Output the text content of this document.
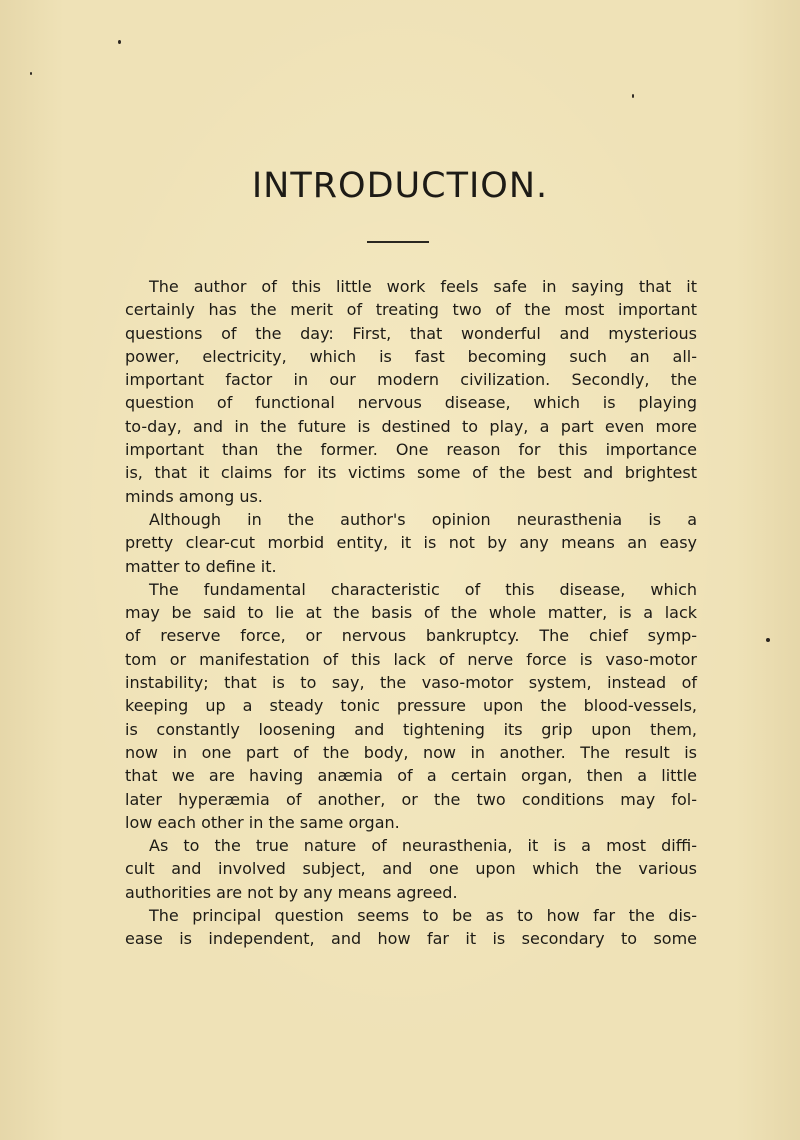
INTRODUCTION.

The author of this little work feels safe in saying that it
certainly has the merit of treating two of the most important
questions of the day: First, that wonderful and mysterious
power, electricity, which is fast becoming such an all-
important factor in our modern civilization. Secondly, the
question of functional nervous disease, which is playing
to-day, and in the future is destined to play, a part even more
important than the former. One reason for this importance
is, that it claims for its victims some of the best and brightest
minds among us.

Although in the author's opinion neurasthenia is a
pretty clear-cut morbid entity, it is not by any means an easy
matter to define it.

The fundamental characteristic of this disease, which
may be said to lie at the basis of the whole matter, is a lack
of reserve force, or nervous bankruptcy. The chief symp-
tom or manifestation of this lack of nerve force is vaso-motor
instability; that is to say, the vaso-motor system, instead of
keeping up a steady tonic pressure upon the blood-vessels,
is constantly loosening and tightening its grip upon them,
now in one part of the body, now in another. The result is
that we are having anæmia of a certain organ, then a little
later hyperæmia of another, or the two conditions may fol-
low each other in the same organ.

As to the true nature of neurasthenia, it is a most diffi-
cult and involved subject, and one upon which the various
authorities are not by any means agreed.

The principal question seems to be as to how far the dis-
ease is independent, and how far it is secondary to some
